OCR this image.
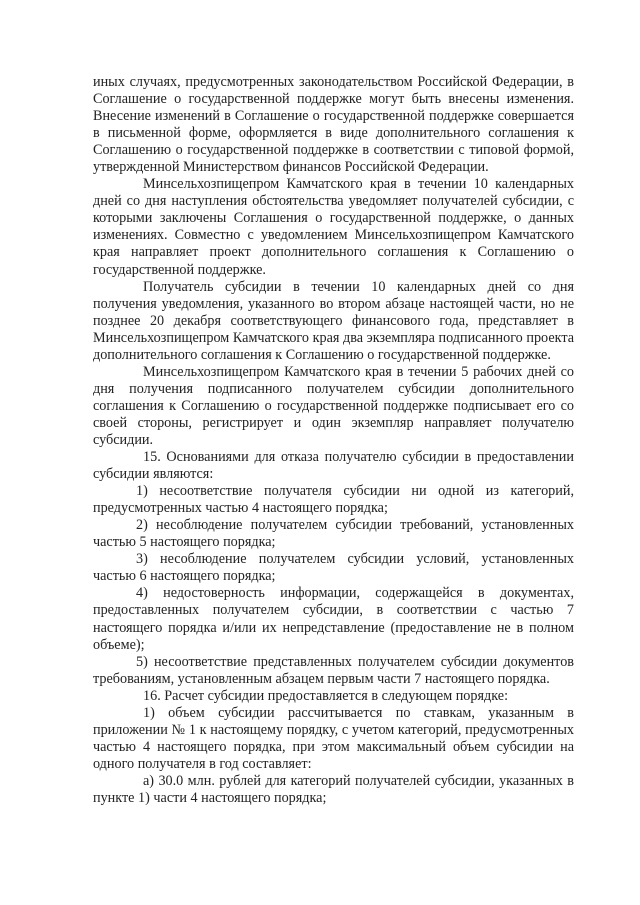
иных случаях, предусмотренных законодательством Российской Федерации, в Соглашение о государственной поддержке могут быть внесены изменения. Внесение изменений в Соглашение о государственной поддержке совершается в письменной форме, оформляется в виде дополнительного соглашения к Соглашению о государственной поддержке в соответствии с типовой формой, утвержденной Министерством финансов Российской Федерации.

Минсельхозпищепром Камчатского края в течении 10 календарных дней со дня наступления обстоятельства уведомляет получателей субсидии, с которыми заключены Соглашения о государственной поддержке, о данных изменениях. Совместно с уведомлением Минсельхозпищепром Камчатского края направляет проект дополнительного соглашения к Соглашению о государственной поддержке.

Получатель субсидии в течении 10 календарных дней со дня получения уведомления, указанного во втором абзаце настоящей части, но не позднее 20 декабря соответствующего финансового года, представляет в Минсельхозпищепром Камчатского края два экземпляра подписанного проекта дополнительного соглашения к Соглашению о государственной поддержке.

Минсельхозпищепром Камчатского края в течении 5 рабочих дней со дня получения подписанного получателем субсидии дополнительного соглашения к Соглашению о государственной поддержке подписывает его со своей стороны, регистрирует и один экземпляр направляет получателю субсидии.

15. Основаниями для отказа получателю субсидии в предоставлении субсидии являются:

1) несоответствие получателя субсидии ни одной из категорий, предусмотренных частью 4 настоящего порядка;

2) несоблюдение получателем субсидии требований, установленных частью 5 настоящего порядка;

3) несоблюдение получателем субсидии условий, установленных частью 6 настоящего порядка;

4) недостоверность информации, содержащейся в документах, предоставленных получателем субсидии, в соответствии с частью 7 настоящего порядка и/или их непредставление (предоставление не в полном объеме);

5) несоответствие представленных получателем субсидии документов требованиям, установленным абзацем первым части 7 настоящего порядка.

16. Расчет субсидии предоставляется в следующем порядке:

1) объем субсидии рассчитывается по ставкам, указанным в приложении № 1 к настоящему порядку, с учетом категорий, предусмотренных частью 4 настоящего порядка, при этом максимальный объем субсидии на одного получателя в год составляет:

а) 30.0 млн. рублей для категорий получателей субсидии, указанных в пункте 1) части 4 настоящего порядка;
